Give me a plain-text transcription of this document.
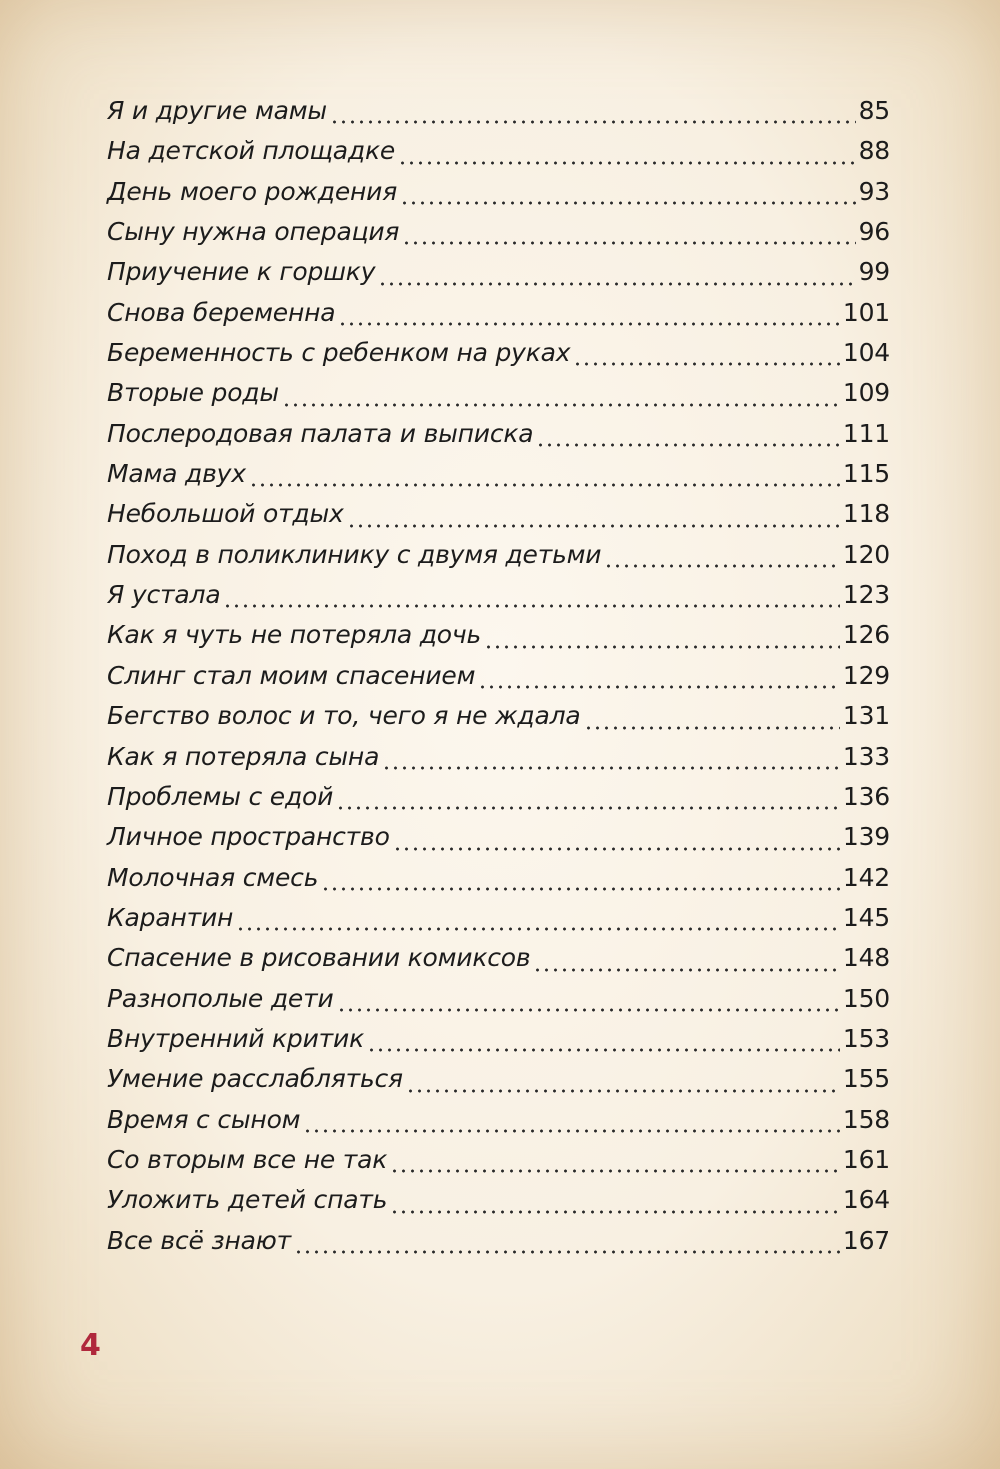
Я и другие мамы	85
На детской площадке	88
День моего рождения	93
Сыну нужна операция	96
Приучение к горшку	99
Снова беременна	101
Беременность с ребенком на руках	104
Вторые роды	109
Послеродовая палата и выписка	111
Мама двух	115
Небольшой отдых	118
Поход в поликлинику с двумя детьми	120
Я устала	123
Как я чуть не потеряла дочь	126
Слинг стал моим спасением	129
Бегство волос и то, чего я не ждала	131
Как я потеряла сына	133
Проблемы с едой	136
Личное пространство	139
Молочная смесь	142
Карантин	145
Спасение в рисовании комиксов	148
Разнополые дети	150
Внутренний критик	153
Умение расслабляться	155
Время с сыном	158
Со вторым все не так	161
Уложить детей спать	164
Все всё знают	167
4
